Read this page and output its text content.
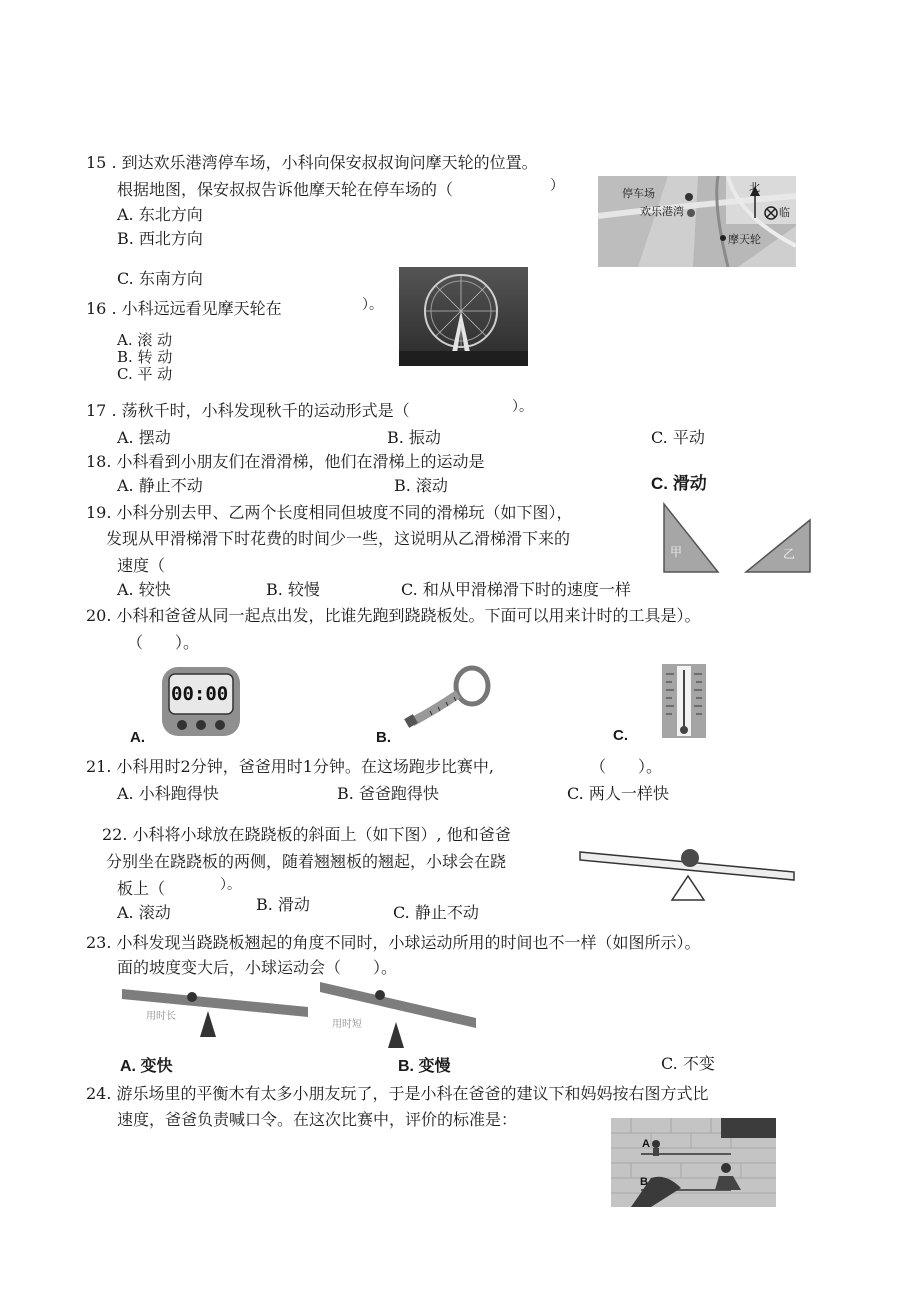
15 . 到达欢乐港湾停车场，小科向保安叔叔询问摩天轮的位置。
根据地图，保安叔叔告诉他摩天轮在停车场的（	）
A. 东北方向
B. 西北方向
C. 东南方向
停车场
欢乐港湾
摩天轮
北
临
16 . 小科远远看见摩天轮在	）。
A. 滚 动
B. 转 动
C. 平 动
17 . 荡秋千时，小科发现秋千的运动形式是（	）。
A. 摆动	B. 振动	C. 平动
18. 小科看到小朋友们在滑滑梯，他们在滑梯上的运动是
A. 静止不动	B. 滚动	C. 滑动
19. 小科分别去甲、乙两个长度相同但坡度不同的滑梯玩（如下图），
发现从甲滑梯滑下时花费的时间少一些，这说明从乙滑梯滑下来的
速度（
A. 较快	B. 较慢	C. 和从甲滑梯滑下时的速度一样
甲	乙
20. 小科和爸爸从同一起点出发，比谁先跑到跷跷板处。下面可以用来计时的工具是）。
（　　）。
00:00
A.	B.	C.
21. 小科用时2分钟，爸爸用时1分钟。在这场跑步比赛中,	（　　）。
A. 小科跑得快	B. 爸爸跑得快	C. 两人一样快
22. 小科将小球放在跷跷板的斜面上（如下图）, 他和爸爸
分别坐在跷跷板的两侧，随着翘翘板的翘起，小球会在跷
板上（	）。
A. 滚动	B. 滑动	C. 静止不动
23. 小科发现当跷跷板翘起的角度不同时，小球运动所用的时间也不一样（如图所示）。
面的坡度变大后，小球运动会（　　）。
用时长
用时短
A. 变快	B. 变慢	C. 不变
24. 游乐场里的平衡木有太多小朋友玩了，于是小科在爸爸的建议下和妈妈按右图方式比
速度，爸爸负责喊口令。在这次比赛中，评价的标准是：
A
B
